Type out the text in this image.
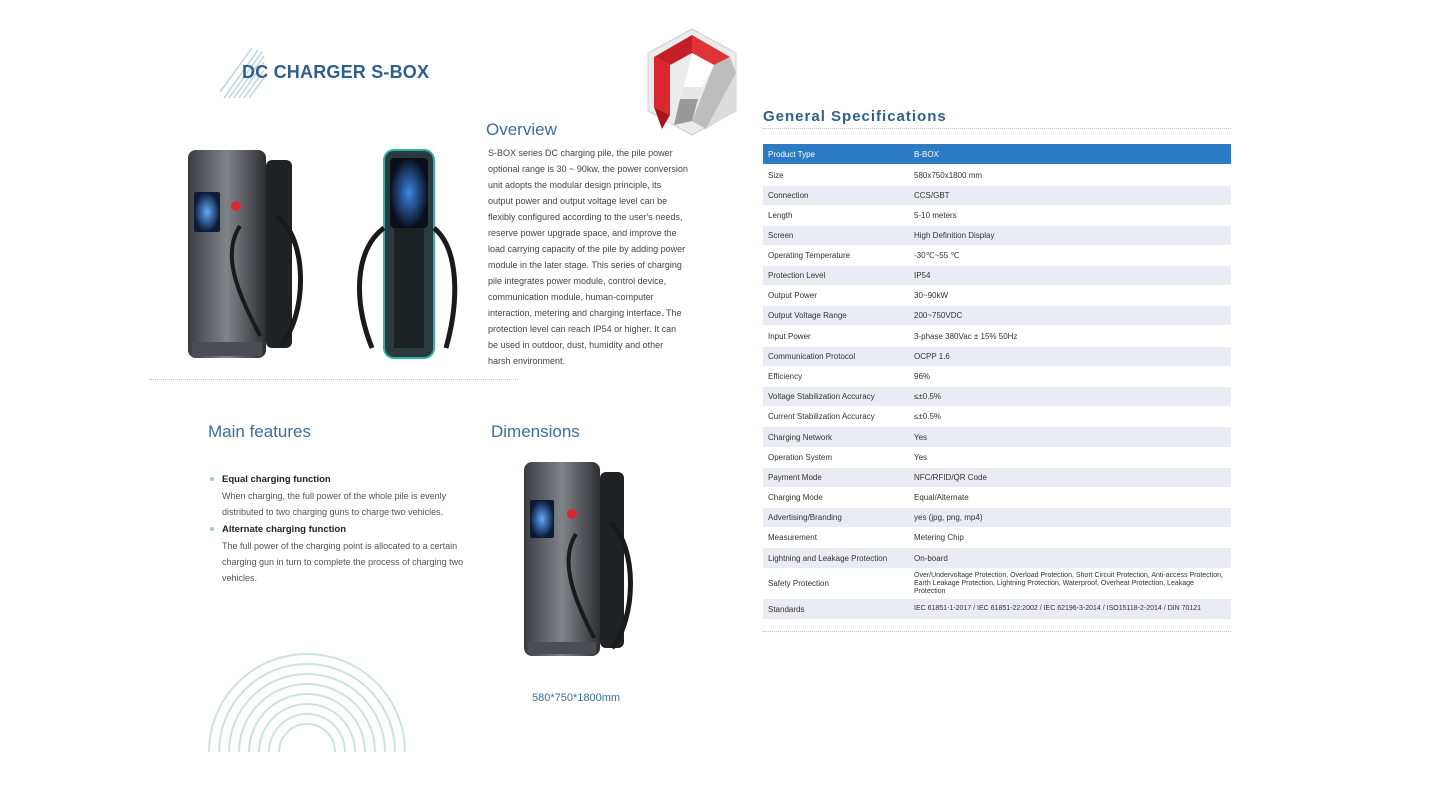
DC CHARGER S-BOX
Overview
S-BOX series DC charging pile, the pile power optional range is 30 ~ 90kw, the power conversion unit adopts the modular design principle, its output power and output voltage level can be flexibly configured according to the user's needs, reserve power upgrade space, and improve the load carrying capacity of the pile by adding power module in the later stage. This series of charging pile integrates power module, control device, communication module, human-computer interaction, metering and charging interface. The protection level can reach IP54 or higher. It can be used in outdoor, dust, humidity and other harsh environment.
Main features
Equal charging function
When charging, the full power of the whole pile is evenly distributed to two charging guns to charge two vehicles.
Alternate charging function
The full power of the charging point is allocated to a certain charging gun in turn to complete the process of charging two vehicles.
Dimensions
580*750*1800mm
General Specifications
Product Type	B-BOX
Size	580x750x1800 mm
Connection	CCS/GBT
Length	5-10 meters
Screen	High Definition Display
Operating Temperature	-30℃~55 ℃
Protection Level	IP54
Output Power	30~90kW
Output Voltage Range	200~750VDC
Input Power	3-phase 380Vac ± 15% 50Hz
Communication Protocol	OCPP 1.6
Efficiency	96%
Voltage Stabilization Accuracy	≤±0.5%
Current Stabilization Accuracy	≤±0.5%
Charging Network	Yes
Operation System	Yes
Payment Mode	NFC/RFID/QR Code
Charging Mode	Equal/Alternate
Advertising/Branding	yes (jpg, png, mp4)
Measurement	Metering Chip
Lightning and Leakage Protection	On-board
Safety Protection	Over/Undervoltage Protection, Overload Protection, Short Circuit Protection, Anti-access Protection, Earth Leakage Protection, Lightning Protection, Waterproof, Overheat Protection, Leakage Protection
Standards	IEC 61851-1-2017 / IEC 61851-22:2002 / IEC 62196-3-2014 / ISO15118-2-2014 / DIN 70121
